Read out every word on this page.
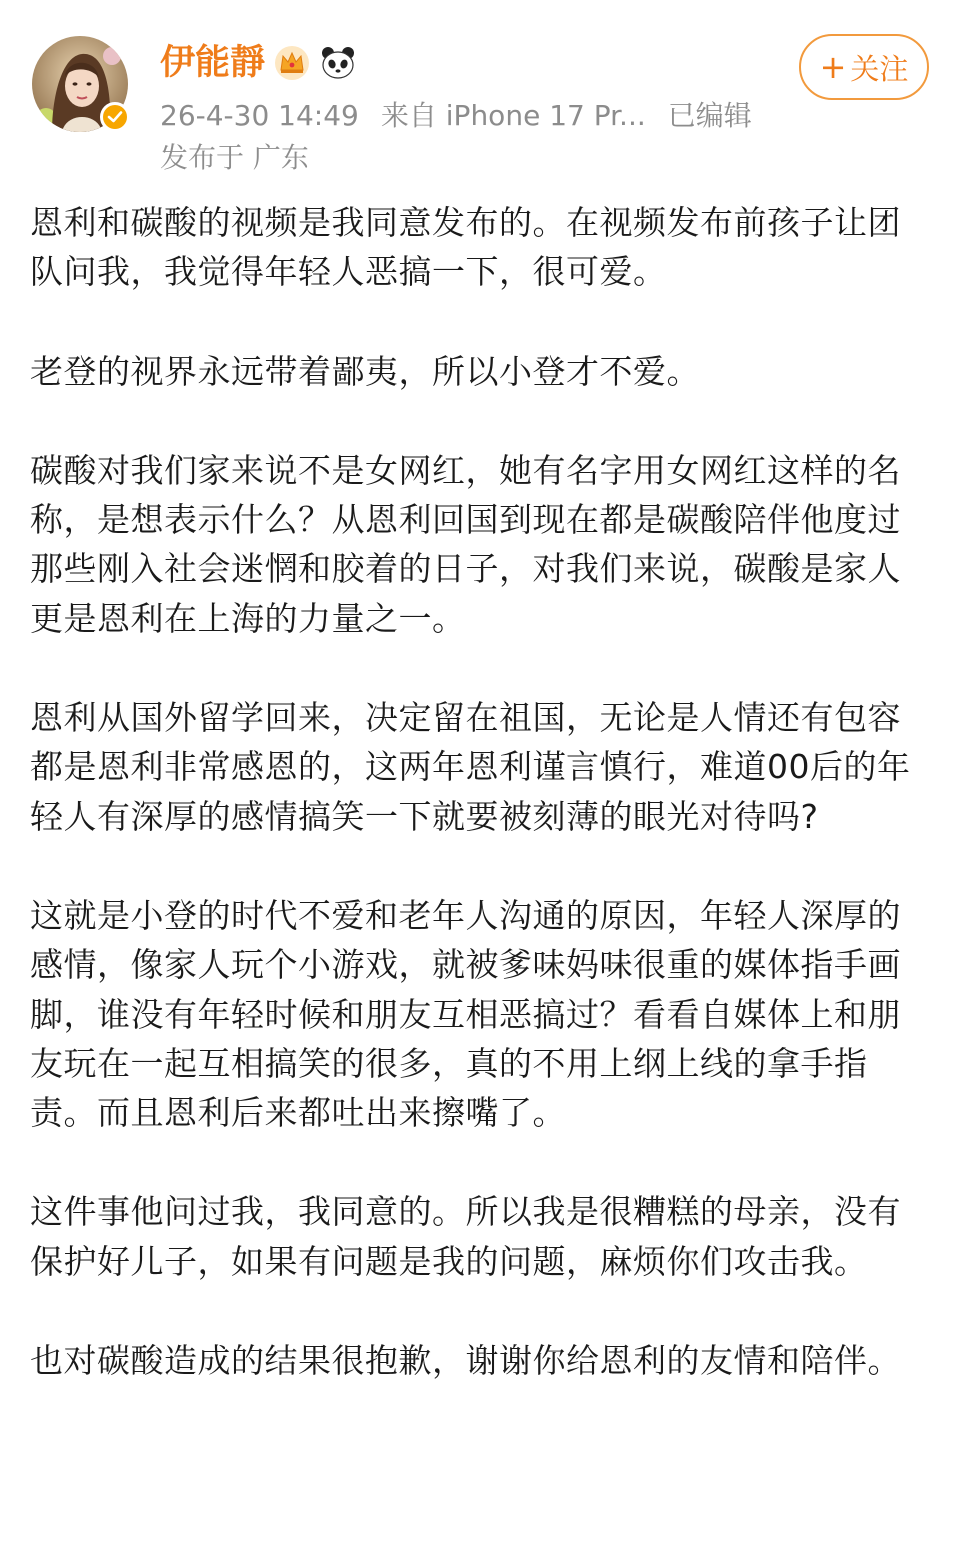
伊能靜
26-4-30 14:49 来自 iPhone 17 Pr... 已编辑
发布于 广东
+ 关注

恩利和碳酸的视频是我同意发布的。在视频发布前孩子让团队问我，我觉得年轻人恶搞一下，很可爱。

老登的视界永远带着鄙夷，所以小登才不爱。

碳酸对我们家来说不是女网红，她有名字用女网红这样的名称，是想表示什么？从恩利回国到现在都是碳酸陪伴他度过那些刚入社会迷惘和胶着的日子，对我们来说，碳酸是家人更是恩利在上海的力量之一。

恩利从国外留学回来，决定留在祖国，无论是人情还有包容都是恩利非常感恩的，这两年恩利谨言慎行，难道00后的年轻人有深厚的感情搞笑一下就要被刻薄的眼光对待吗?

这就是小登的时代不爱和老年人沟通的原因，年轻人深厚的感情，像家人玩个小游戏，就被爹味妈味很重的媒体指手画脚，谁没有年轻时候和朋友互相恶搞过？看看自媒体上和朋友玩在一起互相搞笑的很多，真的不用上纲上线的拿手指责。而且恩利后来都吐出来擦嘴了。

这件事他问过我，我同意的。所以我是很糟糕的母亲，没有保护好儿子，如果有问题是我的问题，麻烦你们攻击我。

也对碳酸造成的结果很抱歉，谢谢你给恩利的友情和陪伴。
